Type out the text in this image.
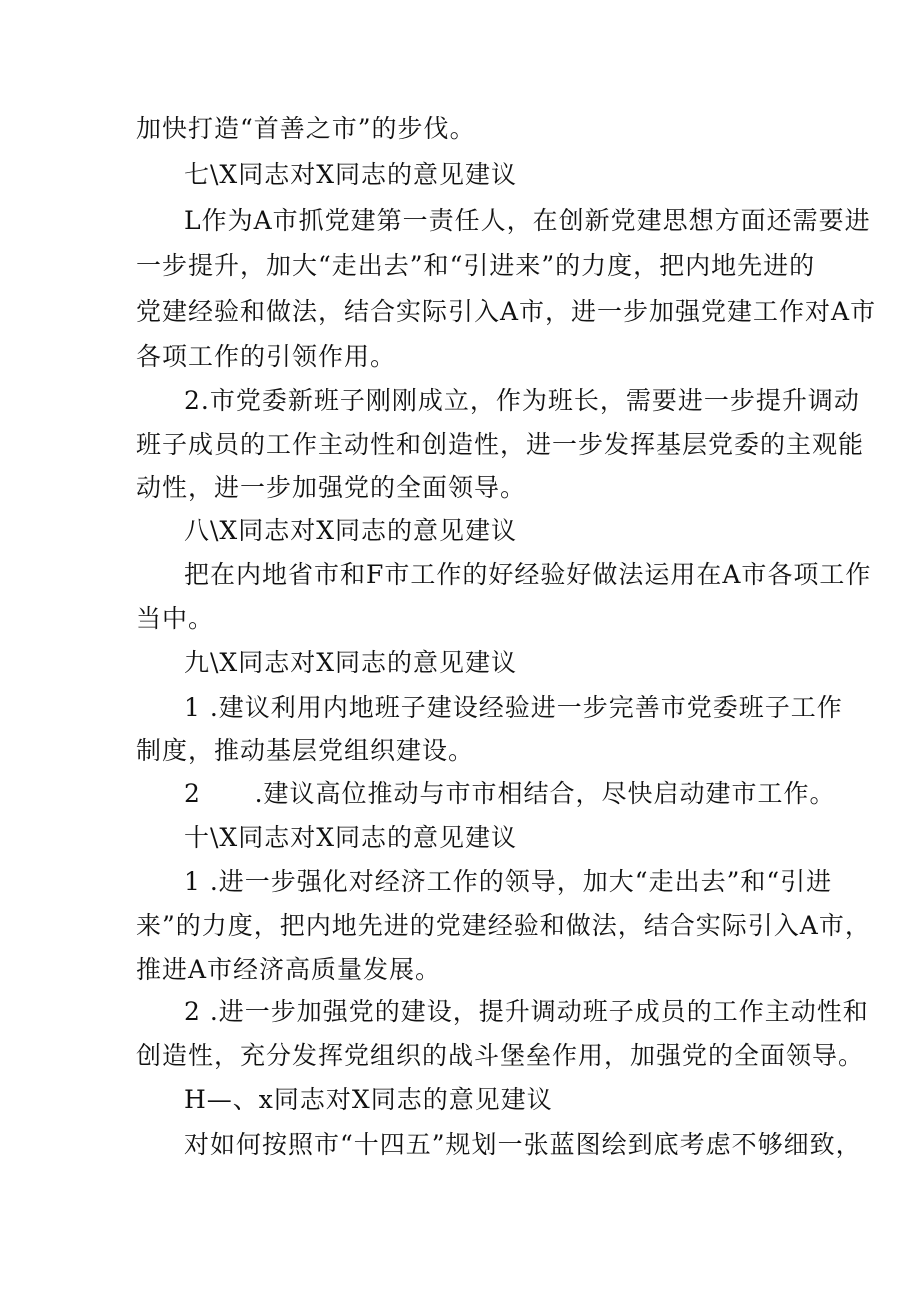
加快打造“首善之市”的步伐。
七\X同志对X同志的意见建议
L作为A市抓党建第一责任人，在创新党建思想方面还需要进
一步提升，加大“走出去”和“引进来”的力度，把内地先进的
党建经验和做法，结合实际引入A市，进一步加强党建工作对A市
各项工作的引领作用。
2.市党委新班子刚刚成立，作为班长，需要进一步提升调动
班子成员的工作主动性和创造性，进一步发挥基层党委的主观能
动性，进一步加强党的全面领导。
八\X同志对X同志的意见建议
把在内地省市和F市工作的好经验好做法运用在A市各项工作
当中。
九\X同志对X同志的意见建议
1 .建议利用内地班子建设经验进一步完善市党委班子工作
制度，推动基层党组织建设。
2      .建议高位推动与市市相结合，尽快启动建市工作。
十\X同志对X同志的意见建议
1 .进一步强化对经济工作的领导，加大“走出去”和“引进
来”的力度，把内地先进的党建经验和做法，结合实际引入A市，
推进A市经济高质量发展。
2 .进一步加强党的建设，提升调动班子成员的工作主动性和
创造性，充分发挥党组织的战斗堡垒作用，加强党的全面领导。
H—、x同志对X同志的意见建议
对如何按照市“十四五”规划一张蓝图绘到底考虑不够细致，
